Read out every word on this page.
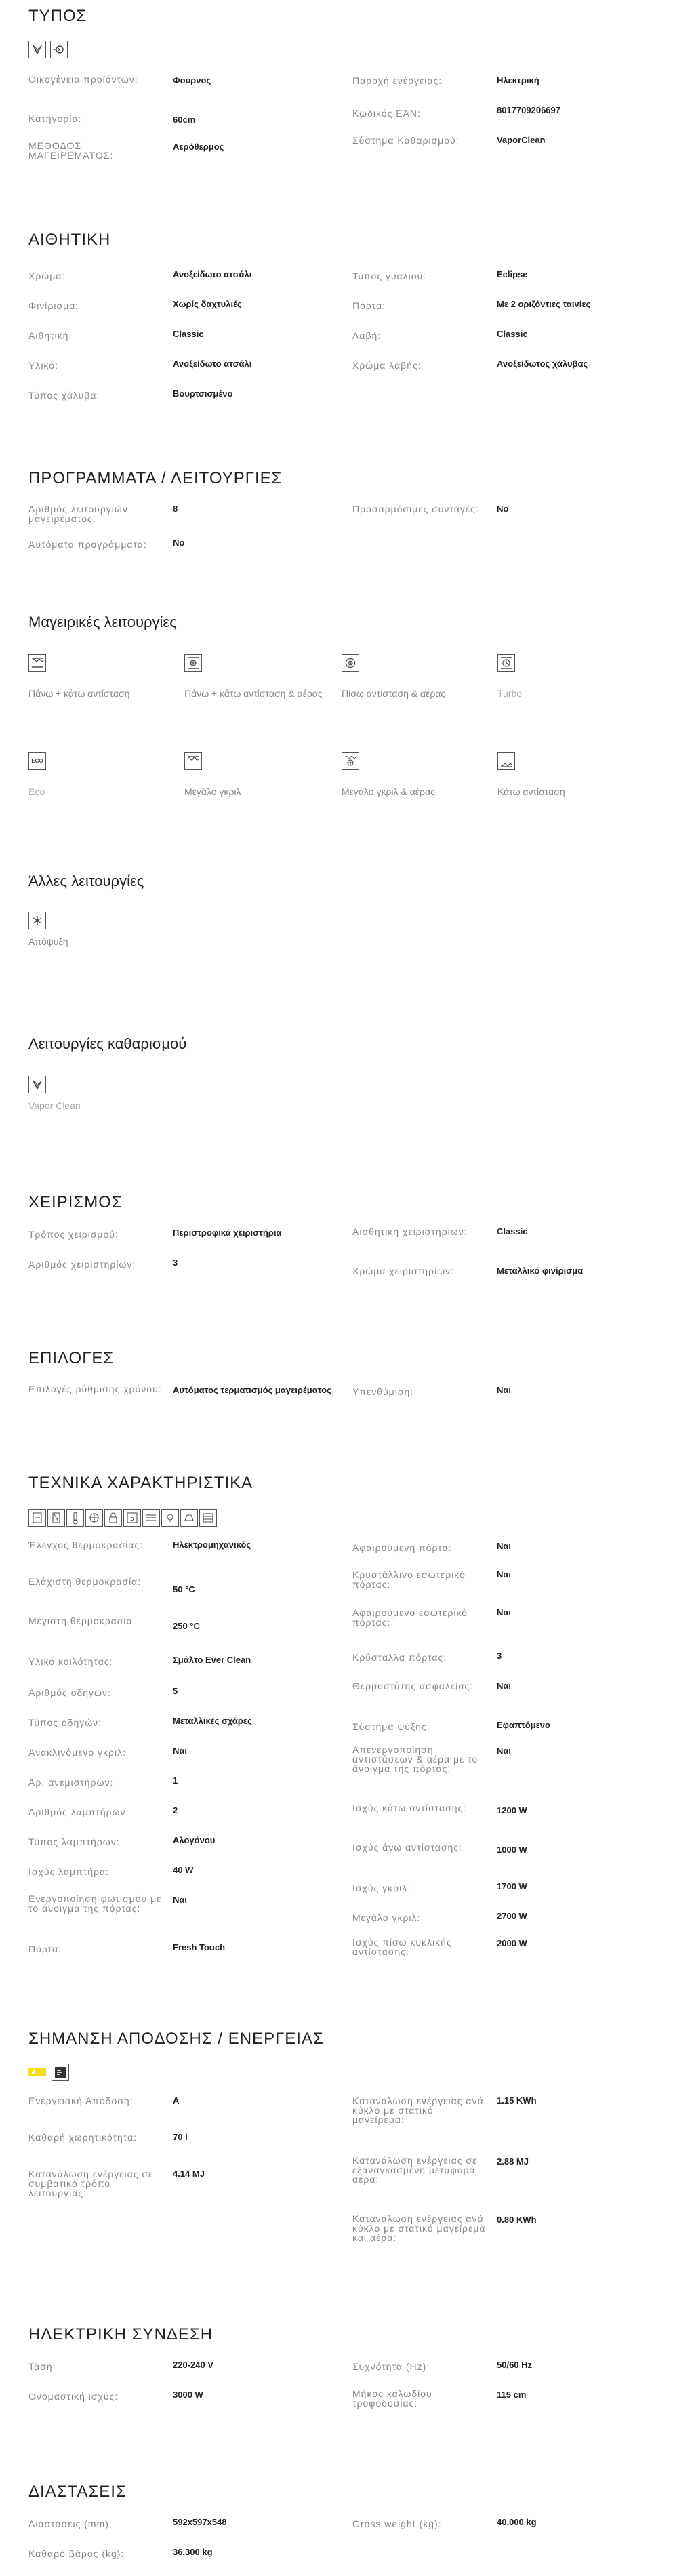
ΤΥΠΟΣ

Οικογένεια προϊόντων:	Φούρνος
Κατηγορία:	60cm
ΜΕΘΟΔΟΣ ΜΑΓΕΙΡΕΜΑΤΟΣ:
Αερόθερμος
Παροχή ενέργειας:	Ηλεκτρική
Κωδικός EAN:	8017709206697
Σύστημα Καθαρισμού:	VaporClean
ΑΙΘΗΤΙΚΗ
Χρώμα:	Ανοξείδωτο ατσάλι
Φινίρισμα:	Χωρίς δαχτυλιές
Αιθητική:	Classic
Υλικό:	Ανοξείδωτο ατσάλι
Τύπος χάλυβα:	Βουρτσισμένο
Τύπος γυαλιού:	Eclipse
Πόρτα:	Με 2 οριζόντιες ταινίες
Λαβή:	Classic
Χρώμα λαβής:	Ανοξείδωτος χάλυβας
ΠΡΟΓΡΑΜΜΑΤΑ / ΛΕΙΤΟΥΡΓΙΕΣ
Αριθμός λειτουργιών μαγειρέματος:
8
Αυτόματα προγράμματα:	No
Προσαρμόσιμες συνταγές:	No
Μαγειρικές λειτουργίες
Πάνω + κάτω αντίσταση	Πάνω + κάτω αντίσταση & αέρας	Πίσω αντίσταση & αέρας	Turbo
ECO
Eco	Μεγάλο γκριλ	Μεγάλο γκριλ & αέρας	Κάτω αντίσταση
Άλλες λειτουργίες
Απόψυξη
Λειτουργίες καθαρισμού
Vapor Clean
ΧΕΙΡΙΣΜΟΣ
Τρόπος χειρισμού:	Περιστροφικά χειριστήρια
Αριθμός χειριστηρίων:	3
Αισθητική χειριστηρίων:	Classic
Χρώμα χειριστηρίων:	Μεταλλικό φινίρισμα
ΕΠΙΛΟΓΕΣ
Επιλογές ρύθμισης χρόνου: Αυτόματος τερματισμός μαγειρέματος	Υπενθύμιση:	Ναι
ΤΕΧΝΙΚΑ ΧΑΡΑΚΤΗΡΙΣΤΙΚΑ
5
Έλεγχος θερμοκρασίας:	Ηλεκτρομηχανικός
Ελάχιστη θερμοκρασία:
50 °C
Μέγιστη θερμοκρασία:	250 °C
Υλικό κοιλότητας:	Σμάλτο Ever Clean
Αριθμός οδηγών:	5
Τύπος οδηγών:	Μεταλλικές σχάρες
Ανακλινόμενο γκριλ:	Ναι
Αρ. ανεμιστήρων:	1
Αριθμός λαμπτήρων:	2
Τύπος λαμπτήρων:	Αλογόνου
Ισχύς λαμπτήρα:	40 W
Ενεργοποίηση φωτισμού με το άνοιγμα της πόρτας:
Ναι
Πόρτα:	Fresh Touch
Αφαιρούμενη πόρτα:	Ναι
Κρυστάλλινο εσωτερικό πόρτας:
Ναι
Αφαιρούμενο εσωτερικό πόρτας:
Ναι
Κρύσταλλα πόρτας:	3
Θερμοστάτης ασφαλείας:	Ναι
Σύστημα ψύξης:	Εφαπτόμενο
Απενεργοποίηση αντιστάσεων & αέρα με το άνοιγμα της πόρτας:
Ναι
Ισχύς κάτω αντίστασης:	1200 W
Ισχύς άνω αντίστασης:	1000 W
Ισχύς γκριλ:	1700 W
Μεγάλο γκριλ:	2700 W
Ισχύς πίσω κυκλικής αντίστασης:
2000 W
ΣΗΜΑΝΣΗ ΑΠΟΔΟΣΗΣ / ΕΝΕΡΓΕΙΑΣ
A

Ενεργειακή Απόδοση:	A
Καθαρή χωρητικότητα:	70 l
Κατανάλωση ενέργειας σε συμβατικό τρόπο λειτουργίας:
4.14 MJ
Κατανάλωση ενέργειας ανά κύκλο με στατικό μαγείρεμα:
1.15 KWh
Κατανάλωση ενέργειας σε εξαναγκασμένη μεταφορά αέρα:
2.88 MJ
Κατανάλωση ενέργειας ανά κύκλο με στατικό μαγείρεμα και αέρα:
0.80 KWh
ΗΛΕΚΤΡΙΚΗ ΣΥΝΔΕΣΗ
Τάση:	220-240 V
Ονομαστική ισχύς:	3000 W
Συχνότητα (Hz):	50/60 Hz
Μήκος καλωδίου τροφοδοσίας:
115 cm
ΔΙΑΣΤΑΣΕΙΣ
Διαστάσεις (mm):	592x597x548
Καθαρό βάρος (kg):	36.300 kg
Gross weight (kg):	40.000 kg
